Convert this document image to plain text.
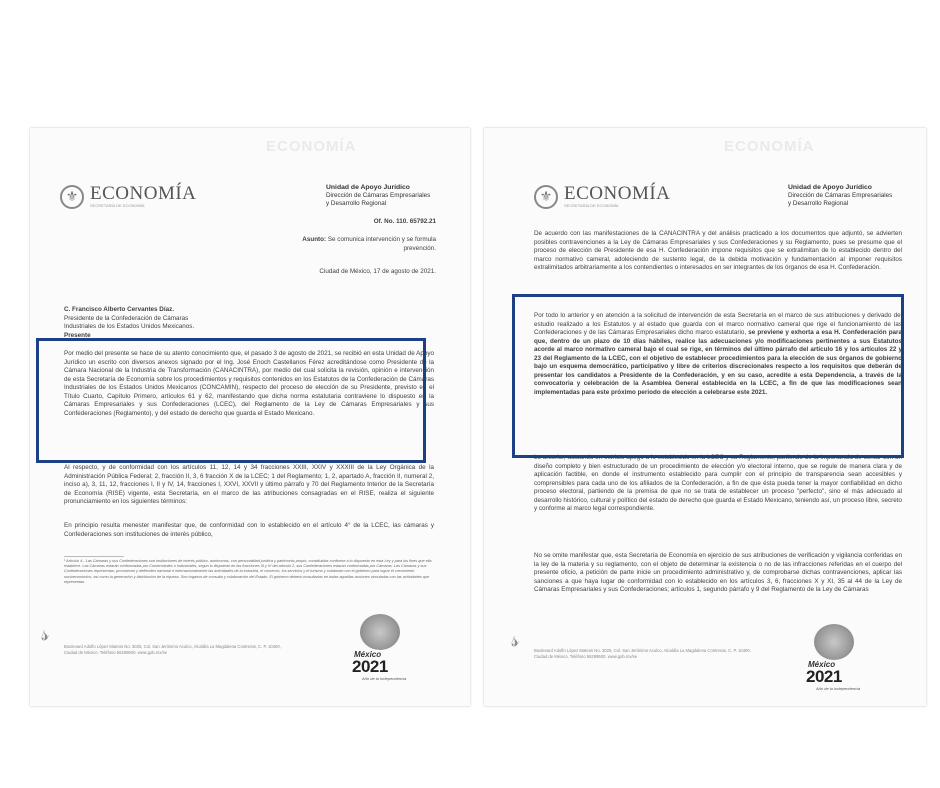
ECONOMÍA
⚜ ECONOMÍA
SECRETARÍA DE ECONOMÍA
Unidad de Apoyo Jurídico
Dirección de Cámaras Empresariales
y Desarrollo Regional
Of. No. 110. 65792.21
Asunto: Se comunica intervención y se formula prevención.
Ciudad de México, 17 de agosto de 2021.
C. Francisco Alberto Cervantes Díaz.
Presidente de la Confederación de Cámaras
Industriales de los Estados Unidos Mexicanos.
Presente
Por medio del presente se hace de su atento conocimiento que, el pasado 3 de agosto de 2021, se recibió en esta Unidad de Apoyo Jurídico un escrito con diversos anexos signado por el Ing. José Enoch Castellanos Férez acreditándose como Presidente de la Cámara Nacional de la Industria de Transformación (CANACINTRA), por medio del cual solicita la revisión, opinión e intervención de esta Secretaría de Economía sobre los procedimientos y requisitos contenidos en los Estatutos de la Confederación de Cámaras Industriales de los Estados Unidos Mexicanos (CONCAMIN), respecto del proceso de elección de su Presidente, previsto en el Título Cuarto, Capítulo Primero, artículos 61 y 62, manifestando que dicha norma estatutaria contraviene lo dispuesto en la Cámaras Empresariales y sus Confederaciones (LCEC), del Reglamento de la Ley de Cámaras Empresariales y sus Confederaciones (Reglamento), y del estado de derecho que guarda el Estado Mexicano.
Al respecto, y de conformidad con los artículos 11, 12, 14 y 34 fracciones XXIII, XXIV y XXXIII de la Ley Orgánica de la Administración Pública Federal; 2, fracción II, 3, 6 fracción X de la LCEC; 1 del Reglamento; 1, 2, apartado A, fracción II, numeral 2, inciso a), 3, 11, 12, fracciones I, II y IV, 14, fracciones I, XXVI, XXVII y último párrafo y 70 del Reglamento Interior de la Secretaría de Economía (RISE) vigente, esta Secretaría, en el marco de las atribuciones consagradas en el RISE, realiza el siguiente pronunciamiento en los siguientes términos:
En principio resulta menester manifestar que, de conformidad con lo establecido en el artículo 4° de la LCEC, las cámaras y Confederaciones son instituciones de interés público,
¹ Artículo 4.- Las Cámaras y sus Confederaciones son instituciones de interés público, autónomas, con personalidad jurídica y patrimonio propio, constituidas conforme a lo dispuesto en esta Ley y para los fines que ella establece. Las Cámaras estarán conformadas por Comerciantes o Industriales, según lo dispuesto en las fracciones III y IV del artículo 2, sus Confederaciones estarán conformadas por Cámaras. Las Cámaras y sus Confederaciones representan, promueven y defienden nacional e internacionalmente las actividades de la industria, el comercio, los servicios y el turismo y colaboran con el gobierno para lograr el crecimiento socioeconómico, así como la generación y distribución de la riqueza. Son órganos de consulta y colaboración del Estado. El gobierno deberá consultarlas en todas aquellas acciones vinculadas con las actividades que representan.
𝓈
Boulevard Adolfo López Mateos No. 3025, Col. San Jerónimo Aculco, Alcaldía La Magdalena Contreras, C. P. 10400, Ciudad de México. Teléfono 56299500. www.gob.mx/se	México
2021
Año de la Independencia
ECONOMÍA
⚜ ECONOMÍA
SECRETARÍA DE ECONOMÍA
Unidad de Apoyo Jurídico
Dirección de Cámaras Empresariales
y Desarrollo Regional
De acuerdo con las manifestaciones de la CANACINTRA y del análisis practicado a los documentos que adjuntó, se advierten posibles contravenciones a la Ley de Cámaras Empresariales y sus Confederaciones y su Reglamento, pues se presume que el proceso de elección de Presidente de esa H. Confederación impone requisitos que se extralimitan de lo establecido dentro del marco normativo cameral, adoleciendo de sustento legal, de la debida motivación y fundamentación al imponer requisitos extralimitados arbitrariamente a los contendientes o interesados en ser integrantes de los órganos de esa H. Confederación.
Por todo lo anterior y en atención a la solicitud de intervención de esta Secretaría en el marco de sus atribuciones y derivado del estudio realizado a los Estatutos y al estado que guarda con el marco normativo cameral que rige el funcionamiento de las Confederaciones y de las Cámaras Empresariales dicho marco estatutario, se previene y exhorta a esa H. Confederación para que, dentro de un plazo de 10 días hábiles, realice las adecuaciones y/o modificaciones pertinentes a sus Estatutos acorde al marco normativo cameral bajo el cual se rige, en términos del último párrafo del artículo 16 y los artículos 22 y 23 del Reglamento de la LCEC, con el objetivo de establecer procedimientos para la elección de sus órganos de gobierno bajo un esquema democrático, participativo y libre de criterios discrecionales respecto a los requisitos que deberán de presentar los candidatos a Presidente de la Confederación, y en su caso, acredite a esta Dependencia, a través de la convocatoria y celebración de la Asamblea General establecida en la LCEC, a fin de que las modificaciones sean implementadas para este próximo periodo de elección a celebrarse este 2021.
Lo anterior, actuando en estricto apego a lo establecido en la LCEC y su Reglamento, partiendo de la importancia de contar con un diseño completo y bien estructurado de un procedimiento de elección y/o electoral interno, que se regule de manera clara y de aplicación factible, en donde el instrumento establecido para cumplir con el principio de transparencia sean accesibles y comprensibles para cada uno de los afiliados de la Confederación, a fin de que ésta pueda tener la mayor confiabilidad en dicho proceso electoral, partiendo de la premisa de que no se trata de establecer un proceso "perfecto", sino el más adecuado al desarrollo histórico, cultural y político del estado de derecho que guarda el Estado Mexicano, teniendo así, un proceso libre, secreto y conforme al marco legal correspondiente.
No se omite manifestar que, esta Secretaría de Economía en ejercicio de sus atribuciones de verificación y vigilancia conferidas en la ley de la materia y su reglamento, con el objeto de determinar la existencia o no de las infracciones referidas en el cuerpo del presente oficio, a petición de parte inicie un procedimiento administrativo y, de comprobarse dichas contravenciones, aplicar las sanciones a que haya lugar de conformidad con lo establecido en los artículos 3, 6, fracciones X y XI, 35 al 44 de la Ley de Cámaras Empresariales y sus Confederaciones; artículos 1, segundo párrafo y 9 del Reglamento de la Ley de Cámaras
𝓈	Boulevard Adolfo López Mateos No. 3025, Col. San Jerónimo Aculco, Alcaldía La Magdalena Contreras, C. P. 10400, Ciudad de México. Teléfono 56299500. www.gob.mx/se
México
2021
Año de la Independencia
